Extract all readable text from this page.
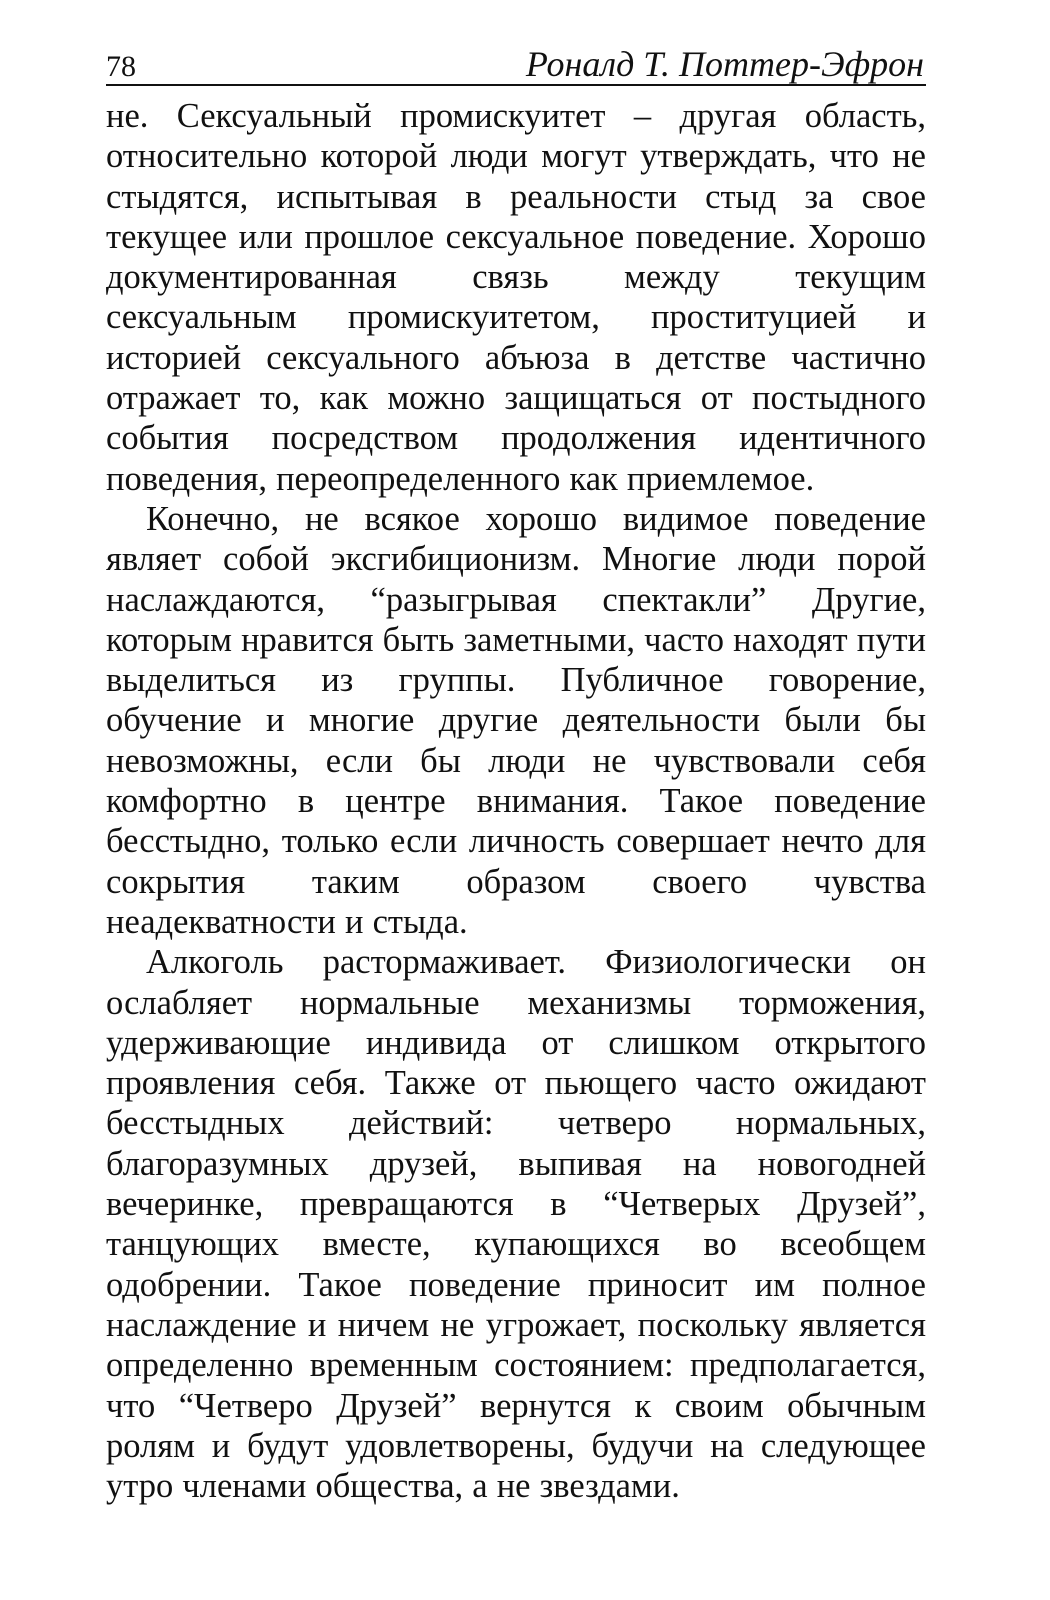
78	Роналд Т. Поттер-Эфрон

не. Сексуальный промискуитет – другая область, относительно которой люди могут утверждать, что не стыдятся, испытывая в реальности стыд за свое текущее или прошлое сексуальное поведение. Хорошо документированная связь между текущим сексуальным промискуитетом, проституцией и историей сексуального абъюза в детстве частично отражает то, как можно защищаться от постыдного события посредством продолжения идентичного поведения, переопределенного как приемлемое.

Конечно, не всякое хорошо видимое поведение являет собой эксгибиционизм. Многие люди порой наслаждаются, “разыгрывая спектакли” Другие, которым нравится быть заметными, часто находят пути выделиться из группы. Публичное говорение, обучение и многие другие деятельности были бы невозможны, если бы люди не чувствовали себя комфортно в центре внимания. Такое поведение бесстыдно, только если личность совершает нечто для сокрытия таким образом своего чувства неадекватности и стыда.

Алкоголь растормаживает. Физиологически он ослабляет нормальные механизмы торможения, удерживающие индивида от слишком открытого проявления себя. Также от пьющего часто ожидают бесстыдных действий: четверо нормальных, благоразумных друзей, выпивая на новогодней вечеринке, превращаются в “Четверых Друзей”, танцующих вместе, купающихся во всеобщем одобрении. Такое поведение приносит им полное наслаждение и ничем не угрожает, поскольку является определенно временным состоянием: предполагается, что “Четверо Друзей” вернутся к своим обычным ролям и будут удовлетворены, будучи на следующее утро членами общества, а не звездами.
